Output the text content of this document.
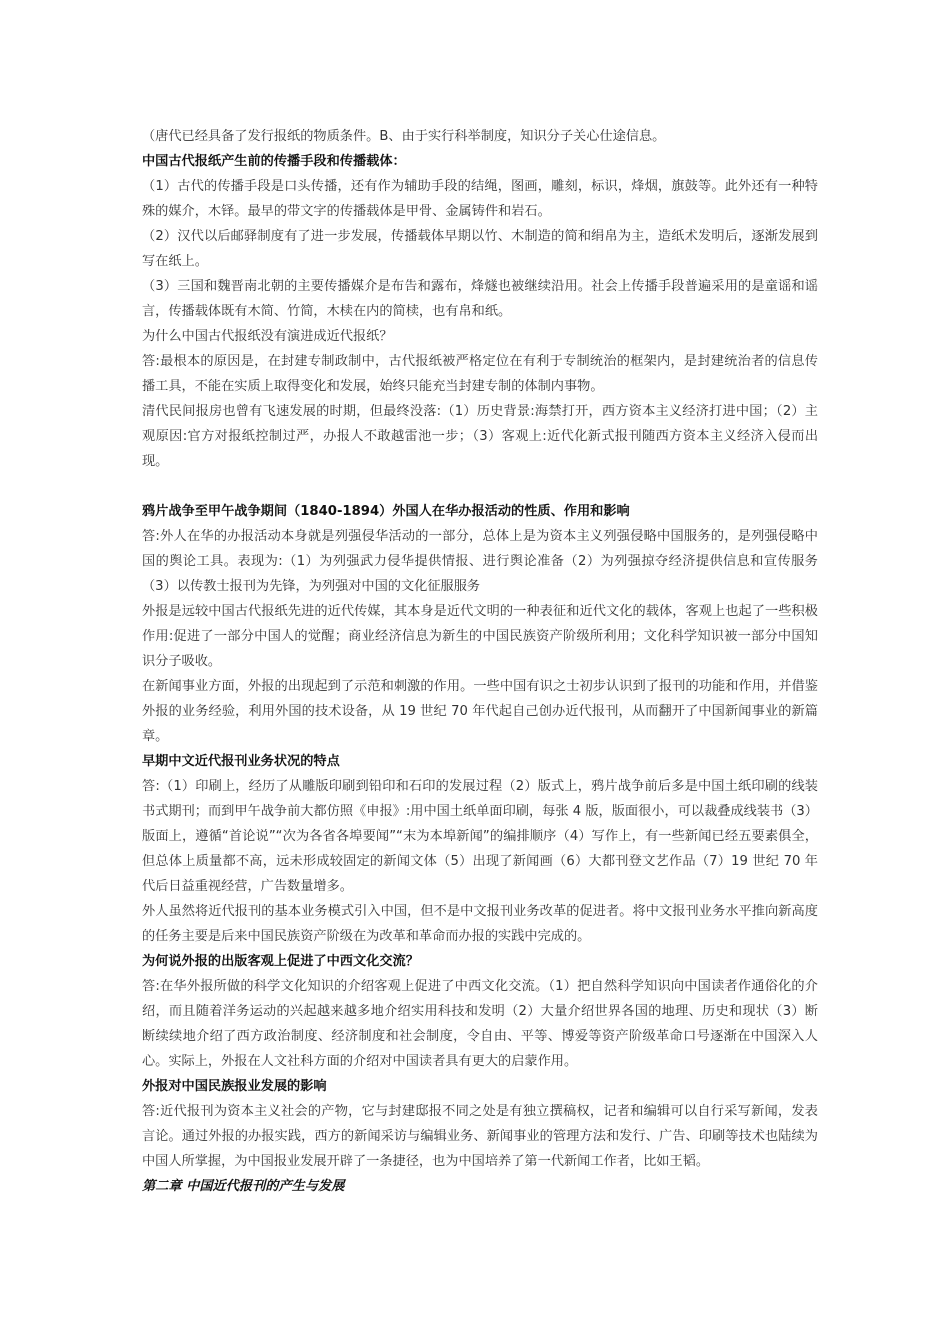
（唐代已经具备了发行报纸的物质条件。B、由于实行科举制度，知识分子关心仕途信息。

中国古代报纸产生前的传播手段和传播载体：

（1）古代的传播手段是口头传播，还有作为辅助手段的结绳，图画，雕刻，标识，烽烟，旗鼓等。此外还有一种特殊的媒介，木铎。最早的带文字的传播载体是甲骨、金属铸件和岩石。

（2）汉代以后邮驿制度有了进一步发展，传播载体早期以竹、木制造的简和绢帛为主，造纸术发明后，逐渐发展到写在纸上。

（3）三国和魏晋南北朝的主要传播媒介是布告和露布，烽燧也被继续沿用。社会上传播手段普遍采用的是童谣和谣言，传播载体既有木简、竹简，木椟在内的简椟，也有帛和纸。

为什么中国古代报纸没有演进成近代报纸？

答:最根本的原因是，在封建专制政制中，古代报纸被严格定位在有利于专制统治的框架内，是封建统治者的信息传播工具，不能在实质上取得变化和发展，始终只能充当封建专制的体制内事物。

清代民间报房也曾有飞速发展的时期，但最终没落:（1）历史背景:海禁打开，西方资本主义经济打进中国；（2）主观原因:官方对报纸控制过严，办报人不敢越雷池一步；（3）客观上:近代化新式报刊随西方资本主义经济入侵而出现。

鸦片战争至甲午战争期间（1840-1894）外国人在华办报活动的性质、作用和影响

答:外人在华的办报活动本身就是列强侵华活动的一部分，总体上是为资本主义列强侵略中国服务的，是列强侵略中国的舆论工具。表现为:（1）为列强武力侵华提供情报、进行舆论准备（2）为列强掠夺经济提供信息和宣传服务（3）以传教士报刊为先锋，为列强对中国的文化征服服务

外报是远较中国古代报纸先进的近代传媒，其本身是近代文明的一种表征和近代文化的载体，客观上也起了一些积极作用:促进了一部分中国人的觉醒；商业经济信息为新生的中国民族资产阶级所利用；文化科学知识被一部分中国知识分子吸收。

在新闻事业方面，外报的出现起到了示范和刺激的作用。一些中国有识之士初步认识到了报刊的功能和作用，并借鉴外报的业务经验，利用外国的技术设备，从 19 世纪 70 年代起自己创办近代报刊，从而翻开了中国新闻事业的新篇章。

早期中文近代报刊业务状况的特点

答:（1）印刷上，经历了从雕版印刷到铅印和石印的发展过程（2）版式上，鸦片战争前后多是中国土纸印刷的线装书式期刊；而到甲午战争前大都仿照《申报》:用中国土纸单面印刷，每张 4 版，版面很小，可以裁叠成线装书（3）版面上，遵循“首论说”“次为各省各埠要闻”“末为本埠新闻”的编排顺序（4）写作上，有一些新闻已经五要素俱全，但总体上质量都不高，远未形成较固定的新闻文体（5）出现了新闻画（6）大都刊登文艺作品（7）19 世纪 70 年代后日益重视经营，广告数量增多。

外人虽然将近代报刊的基本业务模式引入中国，但不是中文报刊业务改革的促进者。将中文报刊业务水平推向新高度的任务主要是后来中国民族资产阶级在为改革和革命而办报的实践中完成的。

为何说外报的出版客观上促进了中西文化交流？

答:在华外报所做的科学文化知识的介绍客观上促进了中西文化交流。（1）把自然科学知识向中国读者作通俗化的介绍，而且随着洋务运动的兴起越来越多地介绍实用科技和发明（2）大量介绍世界各国的地理、历史和现状（3）断断续续地介绍了西方政治制度、经济制度和社会制度，令自由、平等、博爱等资产阶级革命口号逐渐在中国深入人心。实际上，外报在人文社科方面的介绍对中国读者具有更大的启蒙作用。

外报对中国民族报业发展的影响

答:近代报刊为资本主义社会的产物，它与封建邸报不同之处是有独立撰稿权，记者和编辑可以自行采写新闻，发表言论。通过外报的办报实践，西方的新闻采访与编辑业务、新闻事业的管理方法和发行、广告、印刷等技术也陆续为中国人所掌握，为中国报业发展开辟了一条捷径，也为中国培养了第一代新闻工作者，比如王韬。

第二章 中国近代报刊的产生与发展
